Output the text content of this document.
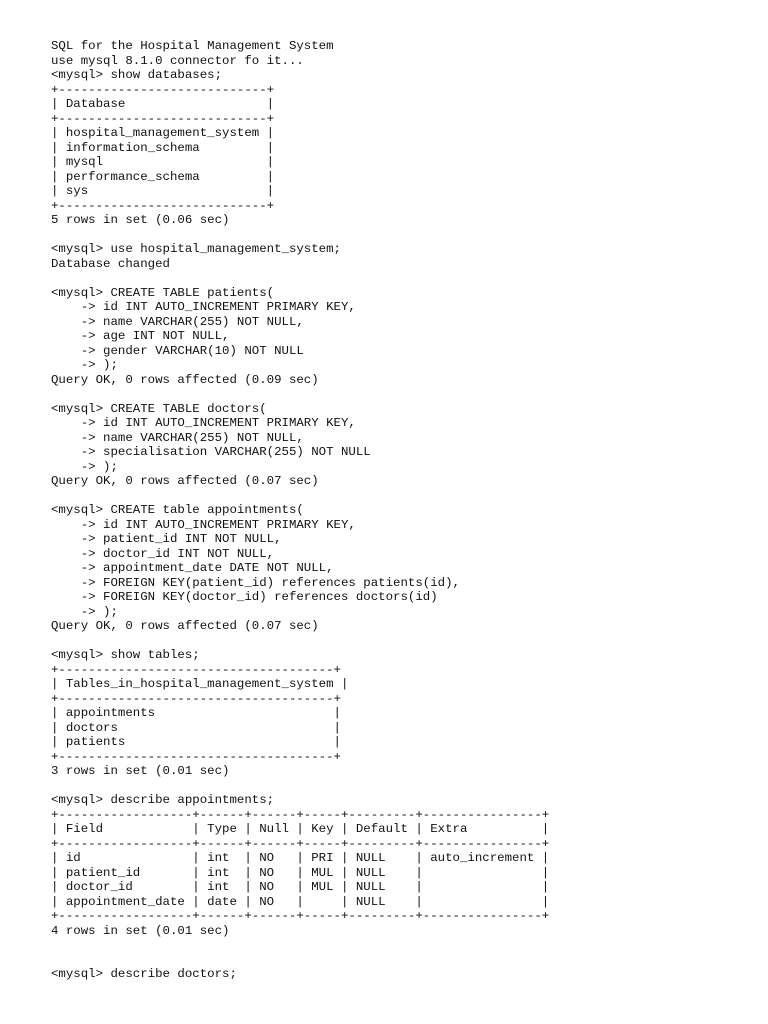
SQL for the Hospital Management System
use mysql 8.1.0 connector fo it...
<mysql> show databases;
+----------------------------+
| Database                   |
+----------------------------+
| hospital_management_system |
| information_schema         |
| mysql                      |
| performance_schema         |
| sys                        |
+----------------------------+
5 rows in set (0.06 sec)
<mysql> use hospital_management_system;
Database changed
<mysql> CREATE TABLE patients(
-> id INT AUTO_INCREMENT PRIMARY KEY,
-> name VARCHAR(255) NOT NULL,
-> age INT NOT NULL,
-> gender VARCHAR(10) NOT NULL
-> );
Query OK, 0 rows affected (0.09 sec)
<mysql> CREATE TABLE doctors(
-> id INT AUTO_INCREMENT PRIMARY KEY,
-> name VARCHAR(255) NOT NULL,
-> specialisation VARCHAR(255) NOT NULL
-> );
Query OK, 0 rows affected (0.07 sec)
<mysql> CREATE table appointments(
-> id INT AUTO_INCREMENT PRIMARY KEY,
-> patient_id INT NOT NULL,
-> doctor_id INT NOT NULL,
-> appointment_date DATE NOT NULL,
-> FOREIGN KEY(patient_id) references patients(id),
-> FOREIGN KEY(doctor_id) references doctors(id)
-> );
Query OK, 0 rows affected (0.07 sec)
<mysql> show tables;
+-------------------------------------+
| Tables_in_hospital_management_system |
+-------------------------------------+
| appointments                        |
| doctors                             |
| patients                            |
+-------------------------------------+
3 rows in set (0.01 sec)
<mysql> describe appointments;
+------------------+------+------+-----+---------+----------------+
| Field            | Type | Null | Key | Default | Extra          |
+------------------+------+------+-----+---------+----------------+
| id               | int  | NO   | PRI | NULL    | auto_increment |
| patient_id       | int  | NO   | MUL | NULL    |                |
| doctor_id        | int  | NO   | MUL | NULL    |                |
| appointment_date | date | NO   |     | NULL    |                |
+------------------+------+------+-----+---------+----------------+
4 rows in set (0.01 sec)
<mysql> describe doctors;
